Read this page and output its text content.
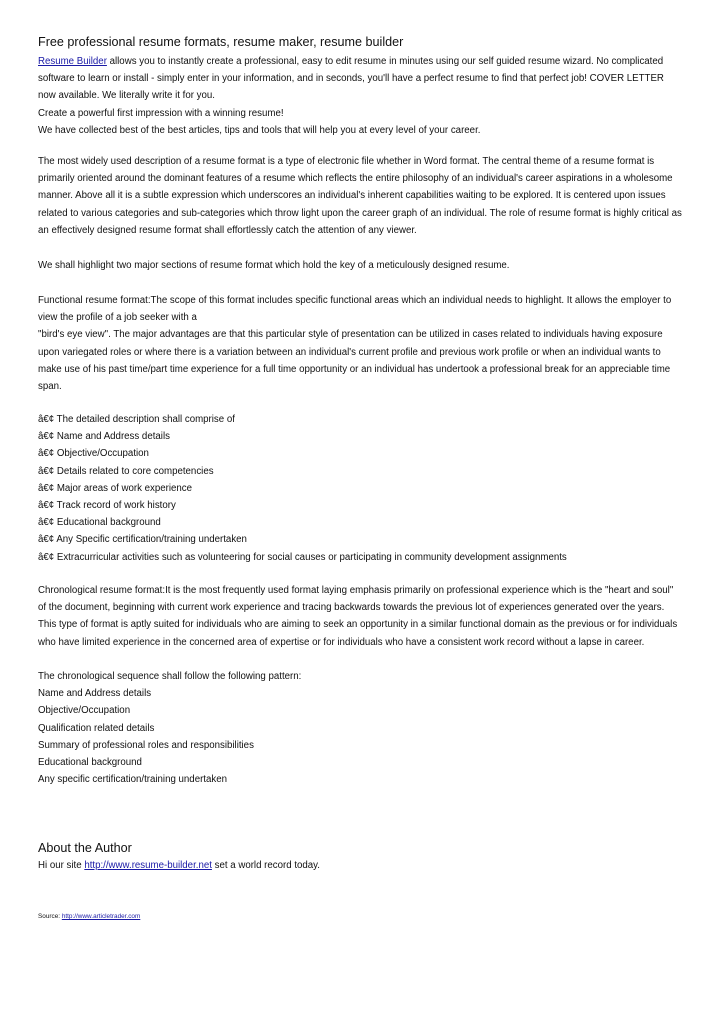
Free professional resume formats, resume maker, resume builder
Resume Builder allows you to instantly create a professional, easy to edit resume in minutes using our self guided resume wizard. No complicated
software to learn or install - simply enter in your information, and in seconds, you'll have a perfect resume to find that perfect job! COVER LETTER
now available. We literally write it for you.
Create a powerful first impression with a winning resume!
We have collected best of the best articles, tips and tools that will help you at every level of your career.
The most widely used description of a resume format is a type of electronic file whether in Word format. The central theme of a resume format is
primarily oriented around the dominant features of a resume which reflects the entire philosophy of an individual's career aspirations in a wholesome
manner. Above all it is a subtle expression which underscores an individual's inherent capabilities waiting to be explored. It is centered upon issues
related to various categories and sub-categories which throw light upon the career graph of an individual. The role of resume format is highly critical as
an effectively designed resume format shall effortlessly catch the attention of any viewer.
We shall highlight two major sections of resume format which hold the key of a meticulously designed resume.
Functional resume format:The scope of this format includes specific functional areas which an individual needs to highlight. It allows the employer to
view the profile of a job seeker with a
"bird's eye view". The major advantages are that this particular style of presentation can be utilized in cases related to individuals having exposure
upon variegated roles or where there is a variation between an individual's current profile and previous work profile or when an individual wants to
make use of his past time/part time experience for a full time opportunity or an individual has undertook a professional break for an appreciable time
span.
â€¢ The detailed description shall comprise of
â€¢ Name and Address details
â€¢ Objective/Occupation
â€¢ Details related to core competencies
â€¢ Major areas of work experience
â€¢ Track record of work history
â€¢ Educational background
â€¢ Any Specific certification/training undertaken
â€¢ Extracurricular activities such as volunteering for social causes or participating in community development assignments
Chronological resume format:It is the most frequently used format laying emphasis primarily on professional experience which is the "heart and soul"
of the document, beginning with current work experience and tracing backwards towards the previous lot of experiences generated over the years.
This type of format is aptly suited for individuals who are aiming to seek an opportunity in a similar functional domain as the previous or for individuals
who have limited experience in the concerned area of expertise or for individuals who have a consistent work record without a lapse in career.
The chronological sequence shall follow the following pattern:
Name and Address details
Objective/Occupation
Qualification related details
Summary of professional roles and responsibilities
Educational background
Any specific certification/training undertaken
About the Author
Hi our site http://www.resume-builder.net set a world record today.
Source: http://www.articletrader.com
